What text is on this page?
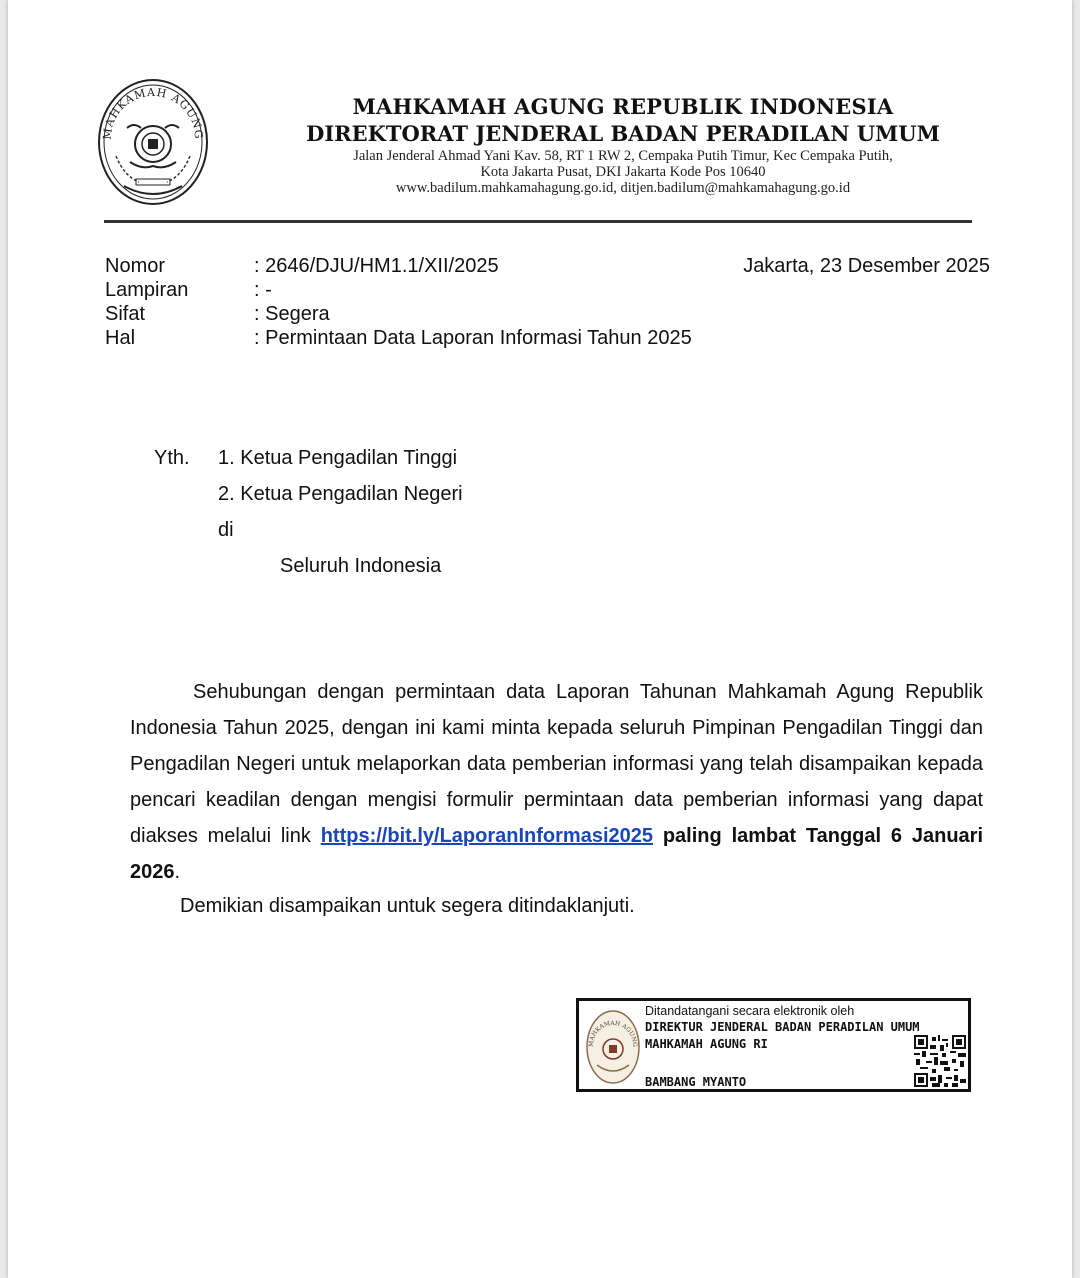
MAHKAMAH AGUNG
MAHKAMAH AGUNG REPUBLIK INDONESIA
DIREKTORAT JENDERAL BADAN PERADILAN UMUM
Jalan Jenderal Ahmad Yani Kav. 58, RT 1 RW 2, Cempaka Putih Timur, Kec Cempaka Putih,
Kota Jakarta Pusat, DKI Jakarta Kode Pos 10640
www.badilum.mahkamahagung.go.id, ditjen.badilum@mahkamahagung.go.id
Nomor	: 2646/DJU/HM1.1/XII/2025	Jakarta, 23 Desember 2025
Lampiran	: -
Sifat	: Segera
Hal	: Permintaan Data Laporan Informasi Tahun 2025
Yth. 1. Ketua Pengadilan Tinggi
2. Ketua Pengadilan Negeri
di
Seluruh Indonesia
Sehubungan dengan permintaan data Laporan Tahunan Mahkamah Agung Republik Indonesia Tahun 2025, dengan ini kami minta kepada seluruh Pimpinan Pengadilan Tinggi dan Pengadilan Negeri untuk melaporkan data pemberian informasi yang telah disampaikan kepada pencari keadilan dengan mengisi formulir permintaan data pemberian informasi yang dapat diakses melalui link https://bit.ly/LaporanInformasi2025 paling lambat Tanggal 6 Januari 2026.
Demikian disampaikan untuk segera ditindaklanjuti.
MAHKAMAH AGUNG
Ditandatangani secara elektronik oleh
DIREKTUR JENDERAL BADAN PERADILAN UMUM
MAHKAMAH AGUNG RI
BAMBANG MYANTO
